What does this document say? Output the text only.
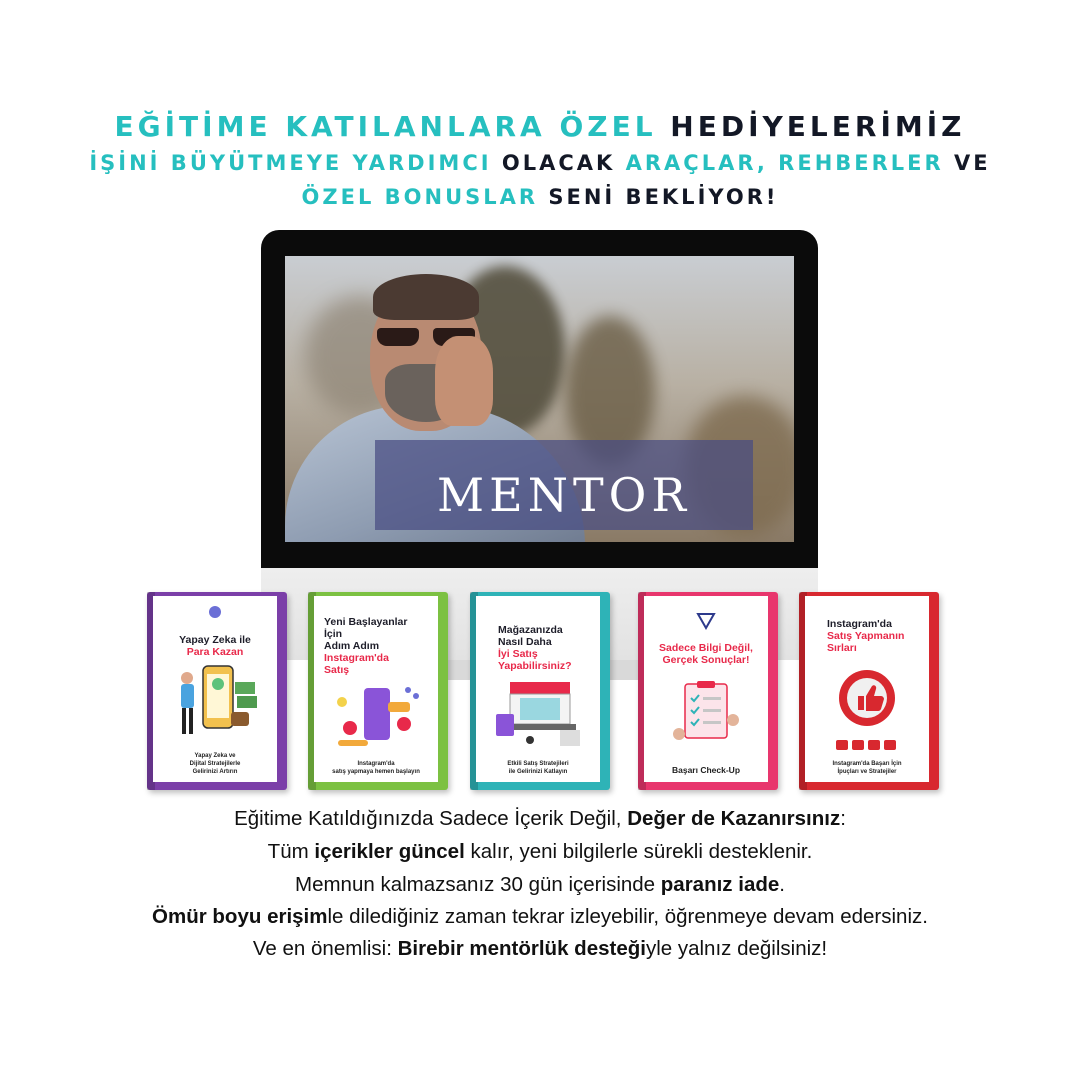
EĞİTİME KATILANLARA ÖZEL HEDİYELERİMİZ
İŞİNİ BÜYÜTMEYE YARDIMCI OLACAK ARAÇLAR, REHBERLER VE
ÖZEL BONUSLAR SENİ BEKLİYOR!
MENTOR
Yapay Zeka ile
Para Kazan
Yapay Zeka ve
Dijital Stratejilerle
Gelirinizi Artırın
Yeni Başlayanlar
İçin
Adım Adım
Instagram'da
Satış
Instagram'da
satış yapmaya hemen başlayın
Mağazanızda
Nasıl Daha
İyi Satış
Yapabilirsiniz?
Etkili Satış Stratejileri
ile Gelirinizi Katlayın
Sadece Bilgi Değil,
Gerçek Sonuçlar!
Başarı Check-Up
Instagram'da
Satış Yapmanın
Sırları
Instagram'da Başarı İçin
İpuçları ve Stratejiler
Eğitime Katıldığınızda Sadece İçerik Değil, Değer de Kazanırsınız:
Tüm içerikler güncel kalır, yeni bilgilerle sürekli desteklenir.
Memnun kalmazsanız 30 gün içerisinde paranız iade.
Ömür boyu erişimle dilediğiniz zaman tekrar izleyebilir, öğrenmeye devam edersiniz.
Ve en önemlisi: Birebir mentörlük desteğiyle yalnız değilsiniz!
